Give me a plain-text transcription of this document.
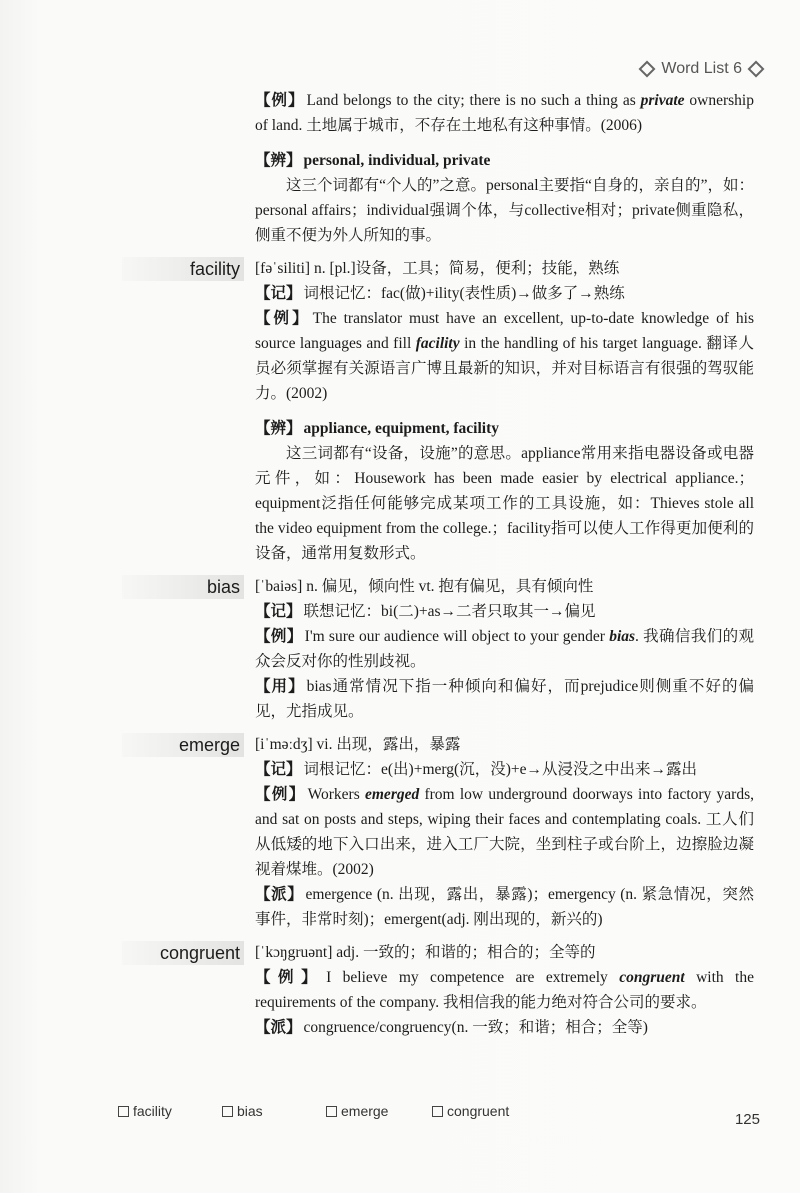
Word List 6

【例】 Land belongs to the city; there is no such a thing as private ownership of land. 土地属于城市，不存在土地私有这种事情。(2006)

【辨】 personal, individual, private

这三个词都有“个人的”之意。personal主要指“自身的，亲自的”，如：personal affairs；individual强调个体，与collective相对；private侧重隐私，侧重不便为外人所知的事。

facility [fəˈsiliti] n. [pl.]设备，工具；简易，便利；技能，熟练

【记】 词根记忆：fac(做)+ility(表性质)→做多了→熟练

【例】 The translator must have an excellent, up-to-date knowledge of his source languages and fill facility in the handling of his target language. 翻译人员必须掌握有关源语言广博且最新的知识，并对目标语言有很强的驾驭能力。(2002)

【辨】 appliance, equipment, facility

这三词都有“设备，设施”的意思。appliance常用来指电器设备或电器元件，如：Housework has been made easier by electrical appliance.；equipment泛指任何能够完成某项工作的工具设施，如：Thieves stole all the video equipment from the college.；facility指可以使人工作得更加便利的设备，通常用复数形式。

bias [ˈbaiəs] n. 偏见，倾向性 vt. 抱有偏见，具有倾向性

【记】 联想记忆：bi(二)+as→二者只取其一→偏见

【例】 I'm sure our audience will object to your gender bias. 我确信我们的观众会反对你的性别歧视。

【用】 bias通常情况下指一种倾向和偏好，而prejudice则侧重不好的偏见，尤指成见。

emerge [iˈməːdʒ] vi. 出现，露出，暴露

【记】 词根记忆：e(出)+merg(沉，没)+e→从浸没之中出来→露出

【例】 Workers emerged from low underground doorways into factory yards, and sat on posts and steps, wiping their faces and contemplating coals. 工人们从低矮的地下入口出来，进入工厂大院，坐到柱子或台阶上，边擦脸边凝视着煤堆。(2002)

【派】 emergence (n. 出现，露出，暴露)；emergency (n. 紧急情况，突然事件，非常时刻)；emergent(adj. 刚出现的，新兴的)

congruent [ˈkɔŋgruənt] adj. 一致的；和谐的；相合的；全等的

【例】 I believe my competence are extremely congruent with the requirements of the company. 我相信我的能力绝对符合公司的要求。

【派】 congruence/congruency(n. 一致；和谐；相合；全等)

facility	bias	emerge	congruent	125
